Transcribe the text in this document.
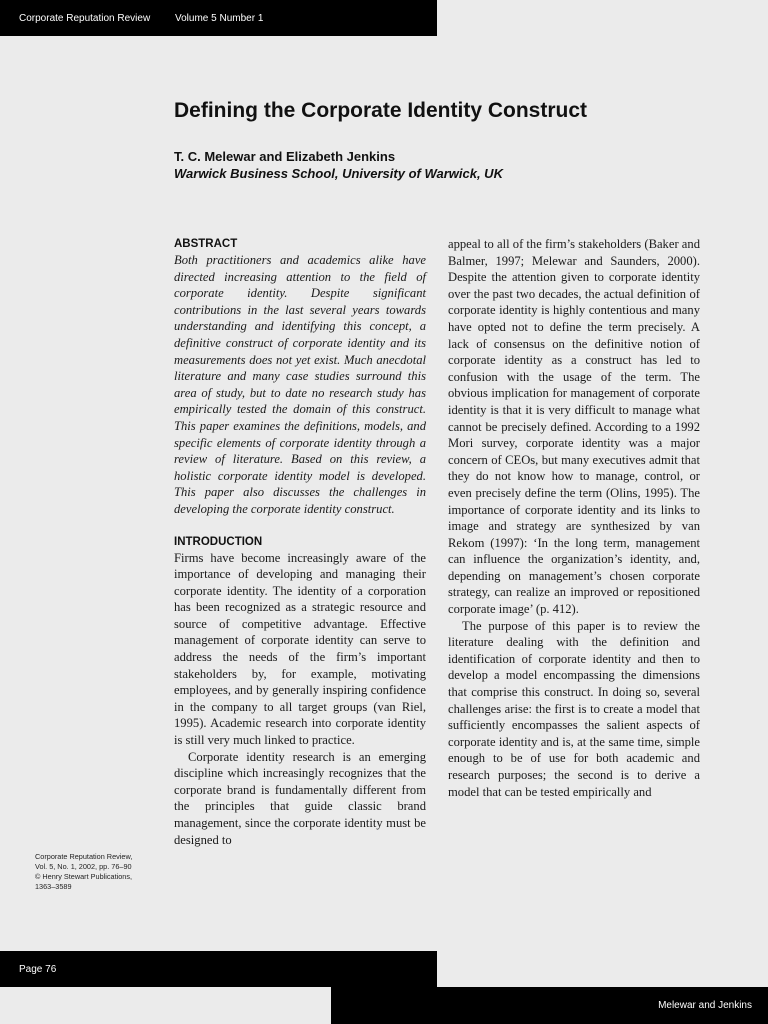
Corporate Reputation Review Volume 5 Number 1
Defining the Corporate Identity Construct
T. C. Melewar and Elizabeth Jenkins
Warwick Business School, University of Warwick, UK
ABSTRACT

Both practitioners and academics alike have directed increasing attention to the field of corporate identity. Despite significant contributions in the last several years towards understanding and identifying this concept, a definitive construct of corporate identity and its measurements does not yet exist. Much anecdotal literature and many case studies surround this area of study, but to date no research study has empirically tested the domain of this construct. This paper examines the definitions, models, and specific elements of corporate identity through a review of literature. Based on this review, a holistic corporate identity model is developed. This paper also discusses the challenges in developing the corporate identity construct.

INTRODUCTION

Firms have become increasingly aware of the importance of developing and managing their corporate identity. The identity of a corporation has been recognized as a strategic resource and source of competitive advantage. Effective management of corporate identity can serve to address the needs of the firm’s important stakeholders by, for example, motivating employees, and by generally inspiring confidence in the company to all target groups (van Riel, 1995). Academic research into corporate identity is still very much linked to practice.

Corporate identity research is an emerging discipline which increasingly recognizes that the corporate brand is fundamentally different from the principles that guide classic brand management, since the corporate identity must be designed to

appeal to all of the firm’s stakeholders (Baker and Balmer, 1997; Melewar and Saunders, 2000). Despite the attention given to corporate identity over the past two decades, the actual definition of corporate identity is highly contentious and many have opted not to define the term precisely. A lack of consensus on the definitive notion of corporate identity as a construct has led to confusion with the usage of the term. The obvious implication for management of corporate identity is that it is very difficult to manage what cannot be precisely defined. According to a 1992 Mori survey, corporate identity was a major concern of CEOs, but many executives admit that they do not know how to manage, control, or even precisely define the term (Olins, 1995). The importance of corporate identity and its links to image and strategy are synthesized by van Rekom (1997): ‘In the long term, management can influence the organization’s identity, and, depending on management’s chosen corporate strategy, can realize an improved or repositioned corporate image’ (p. 412).

The purpose of this paper is to review the literature dealing with the definition and identification of corporate identity and then to develop a model encompassing the dimensions that comprise this construct. In doing so, several challenges arise: the first is to create a model that sufficiently encompasses the salient aspects of corporate identity and is, at the same time, simple enough to be of use for both academic and research purposes; the second is to derive a model that can be tested empirically and

Corporate Reputation Review,
Vol. 5, No. 1, 2002, pp. 76–90
© Henry Stewart Publications,
1363–3589
Page 76
Melewar and Jenkins
